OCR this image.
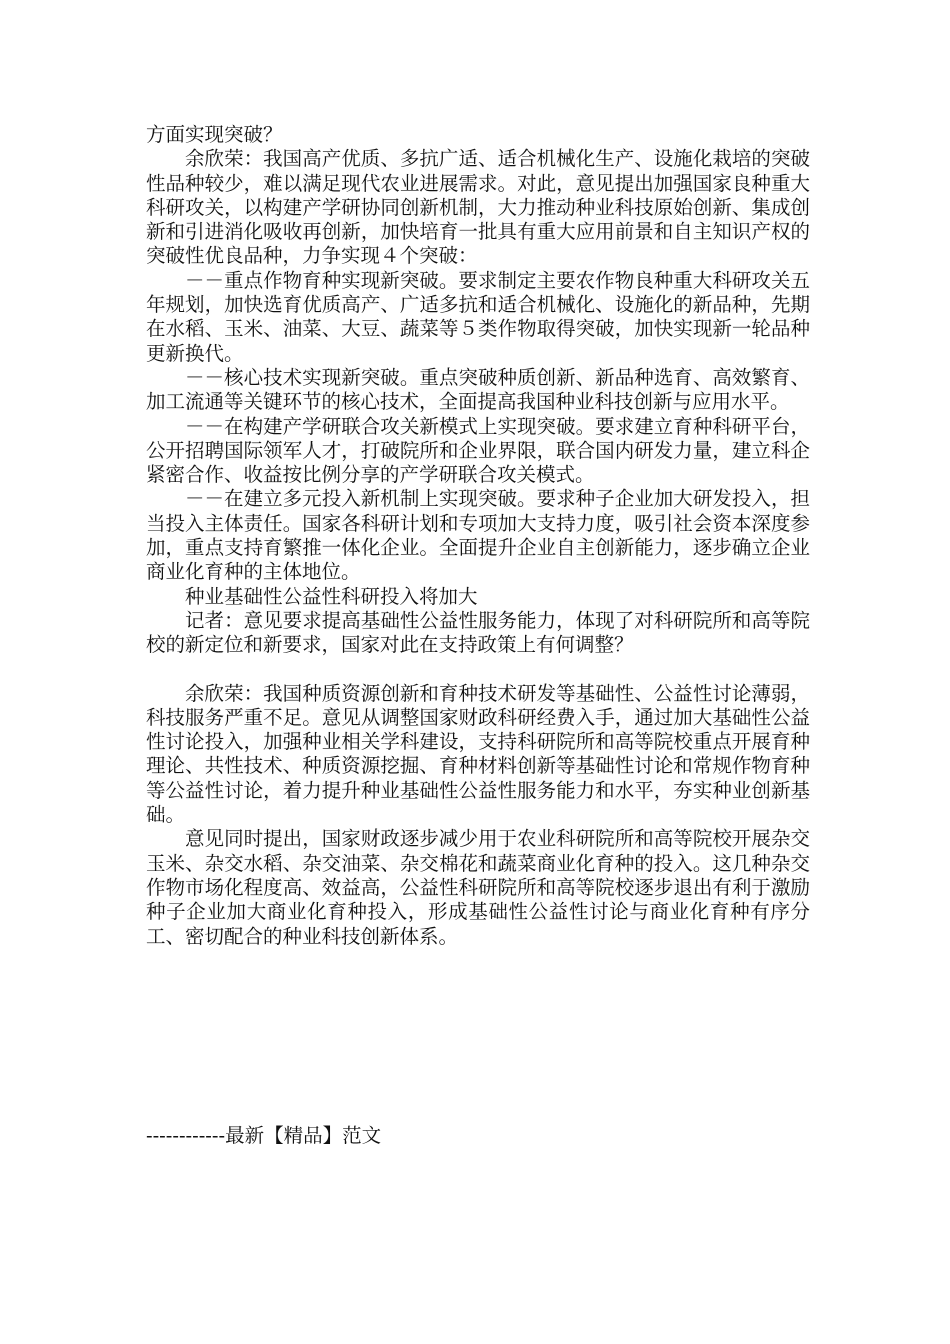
方面实现突破？

余欣荣：我国高产优质、多抗广适、适合机械化生产、设施化栽培的突破性品种较少，难以满足现代农业进展需求。对此，意见提出加强国家良种重大科研攻关，以构建产学研协同创新机制，大力推动种业科技原始创新、集成创新和引进消化吸收再创新，加快培育一批具有重大应用前景和自主知识产权的突破性优良品种，力争实现４个突破：

－－重点作物育种实现新突破。要求制定主要农作物良种重大科研攻关五年规划，加快选育优质高产、广适多抗和适合机械化、设施化的新品种，先期在水稻、玉米、油菜、大豆、蔬菜等５类作物取得突破，加快实现新一轮品种更新换代。

－－核心技术实现新突破。重点突破种质创新、新品种选育、高效繁育、加工流通等关键环节的核心技术，全面提高我国种业科技创新与应用水平。

－－在构建产学研联合攻关新模式上实现突破。要求建立育种科研平台，公开招聘国际领军人才，打破院所和企业界限，联合国内研发力量，建立科企紧密合作、收益按比例分享的产学研联合攻关模式。

－－在建立多元投入新机制上实现突破。要求种子企业加大研发投入，担当投入主体责任。国家各科研计划和专项加大支持力度，吸引社会资本深度参加，重点支持育繁推一体化企业。全面提升企业自主创新能力，逐步确立企业商业化育种的主体地位。

种业基础性公益性科研投入将加大

记者：意见要求提高基础性公益性服务能力，体现了对科研院所和高等院校的新定位和新要求，国家对此在支持政策上有何调整？

余欣荣：我国种质资源创新和育种技术研发等基础性、公益性讨论薄弱，科技服务严重不足。意见从调整国家财政科研经费入手，通过加大基础性公益性讨论投入，加强种业相关学科建设，支持科研院所和高等院校重点开展育种理论、共性技术、种质资源挖掘、育种材料创新等基础性讨论和常规作物育种等公益性讨论，着力提升种业基础性公益性服务能力和水平，夯实种业创新基础。

意见同时提出，国家财政逐步减少用于农业科研院所和高等院校开展杂交玉米、杂交水稻、杂交油菜、杂交棉花和蔬菜商业化育种的投入。这几种杂交作物市场化程度高、效益高，公益性科研院所和高等院校逐步退出有利于激励种子企业加大商业化育种投入，形成基础性公益性讨论与商业化育种有序分工、密切配合的种业科技创新体系。

------------最新【精品】范文
